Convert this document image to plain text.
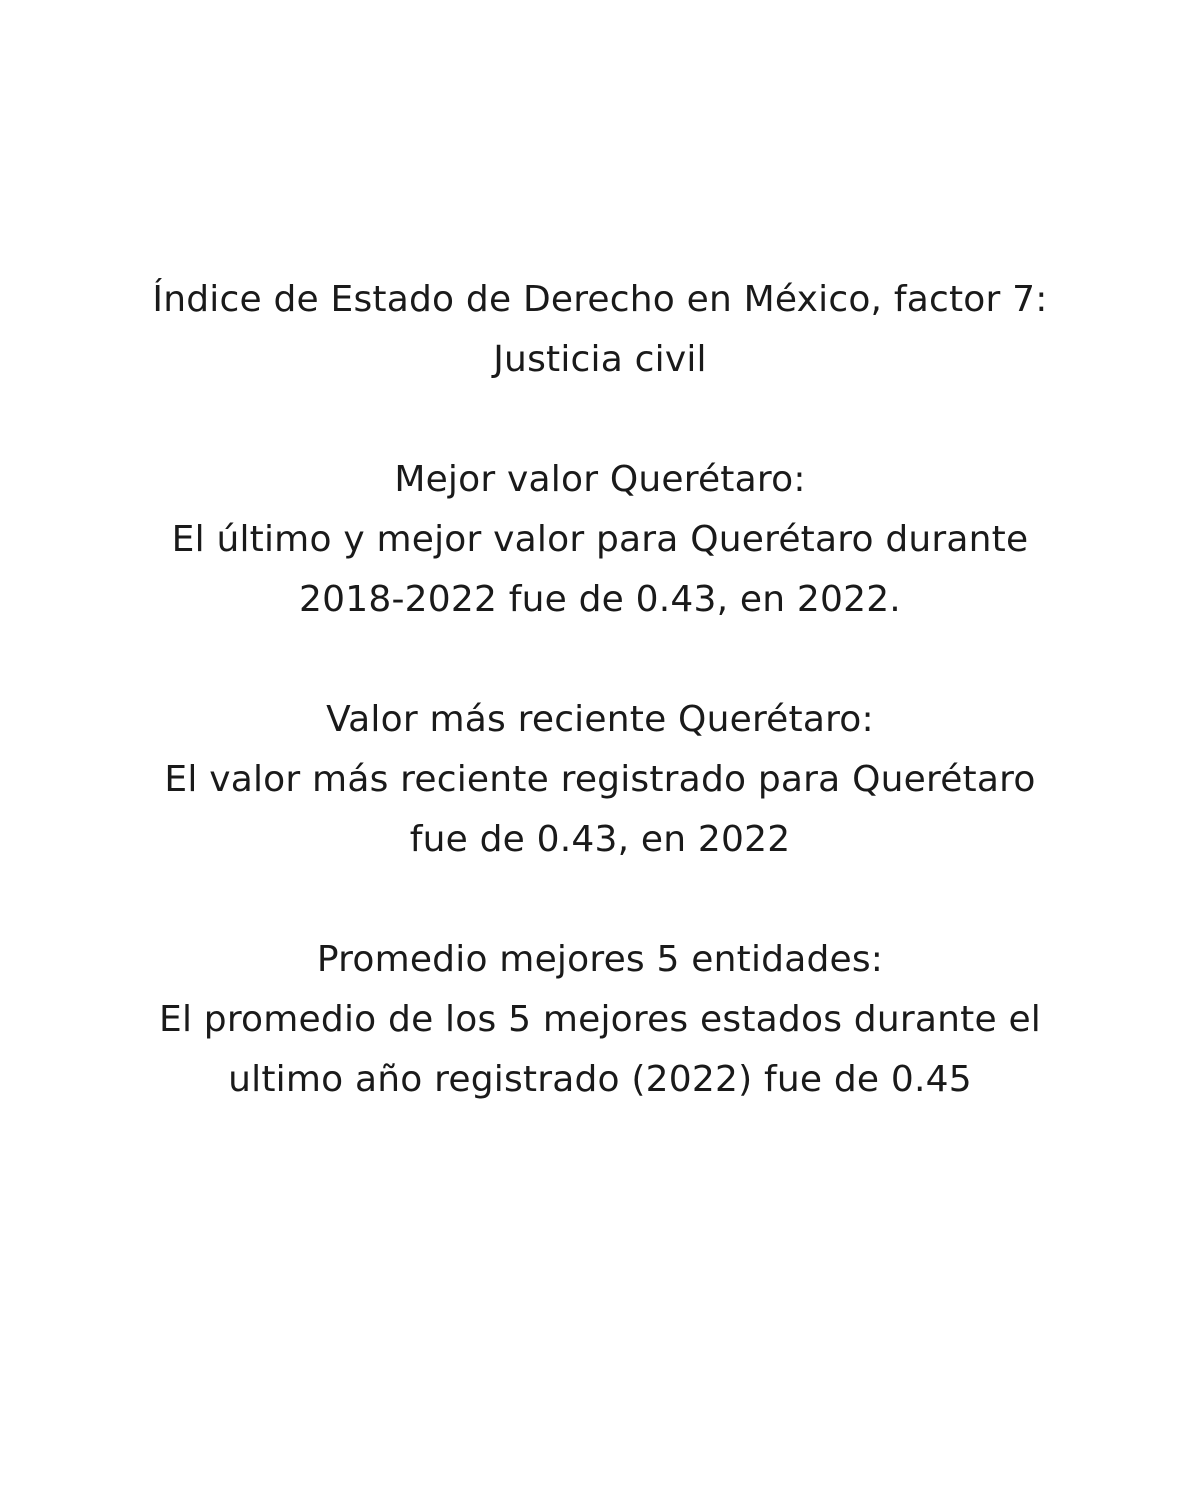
Índice de Estado de Derecho en México, factor 7:
Justicia civil
Mejor valor Querétaro:
El último y mejor valor para Querétaro durante
2018-2022 fue de 0.43, en 2022.
Valor más reciente Querétaro:
El valor más reciente registrado para Querétaro
fue de 0.43, en 2022
Promedio mejores 5 entidades:
El promedio de los 5 mejores estados durante el
ultimo año registrado (2022) fue de 0.45
